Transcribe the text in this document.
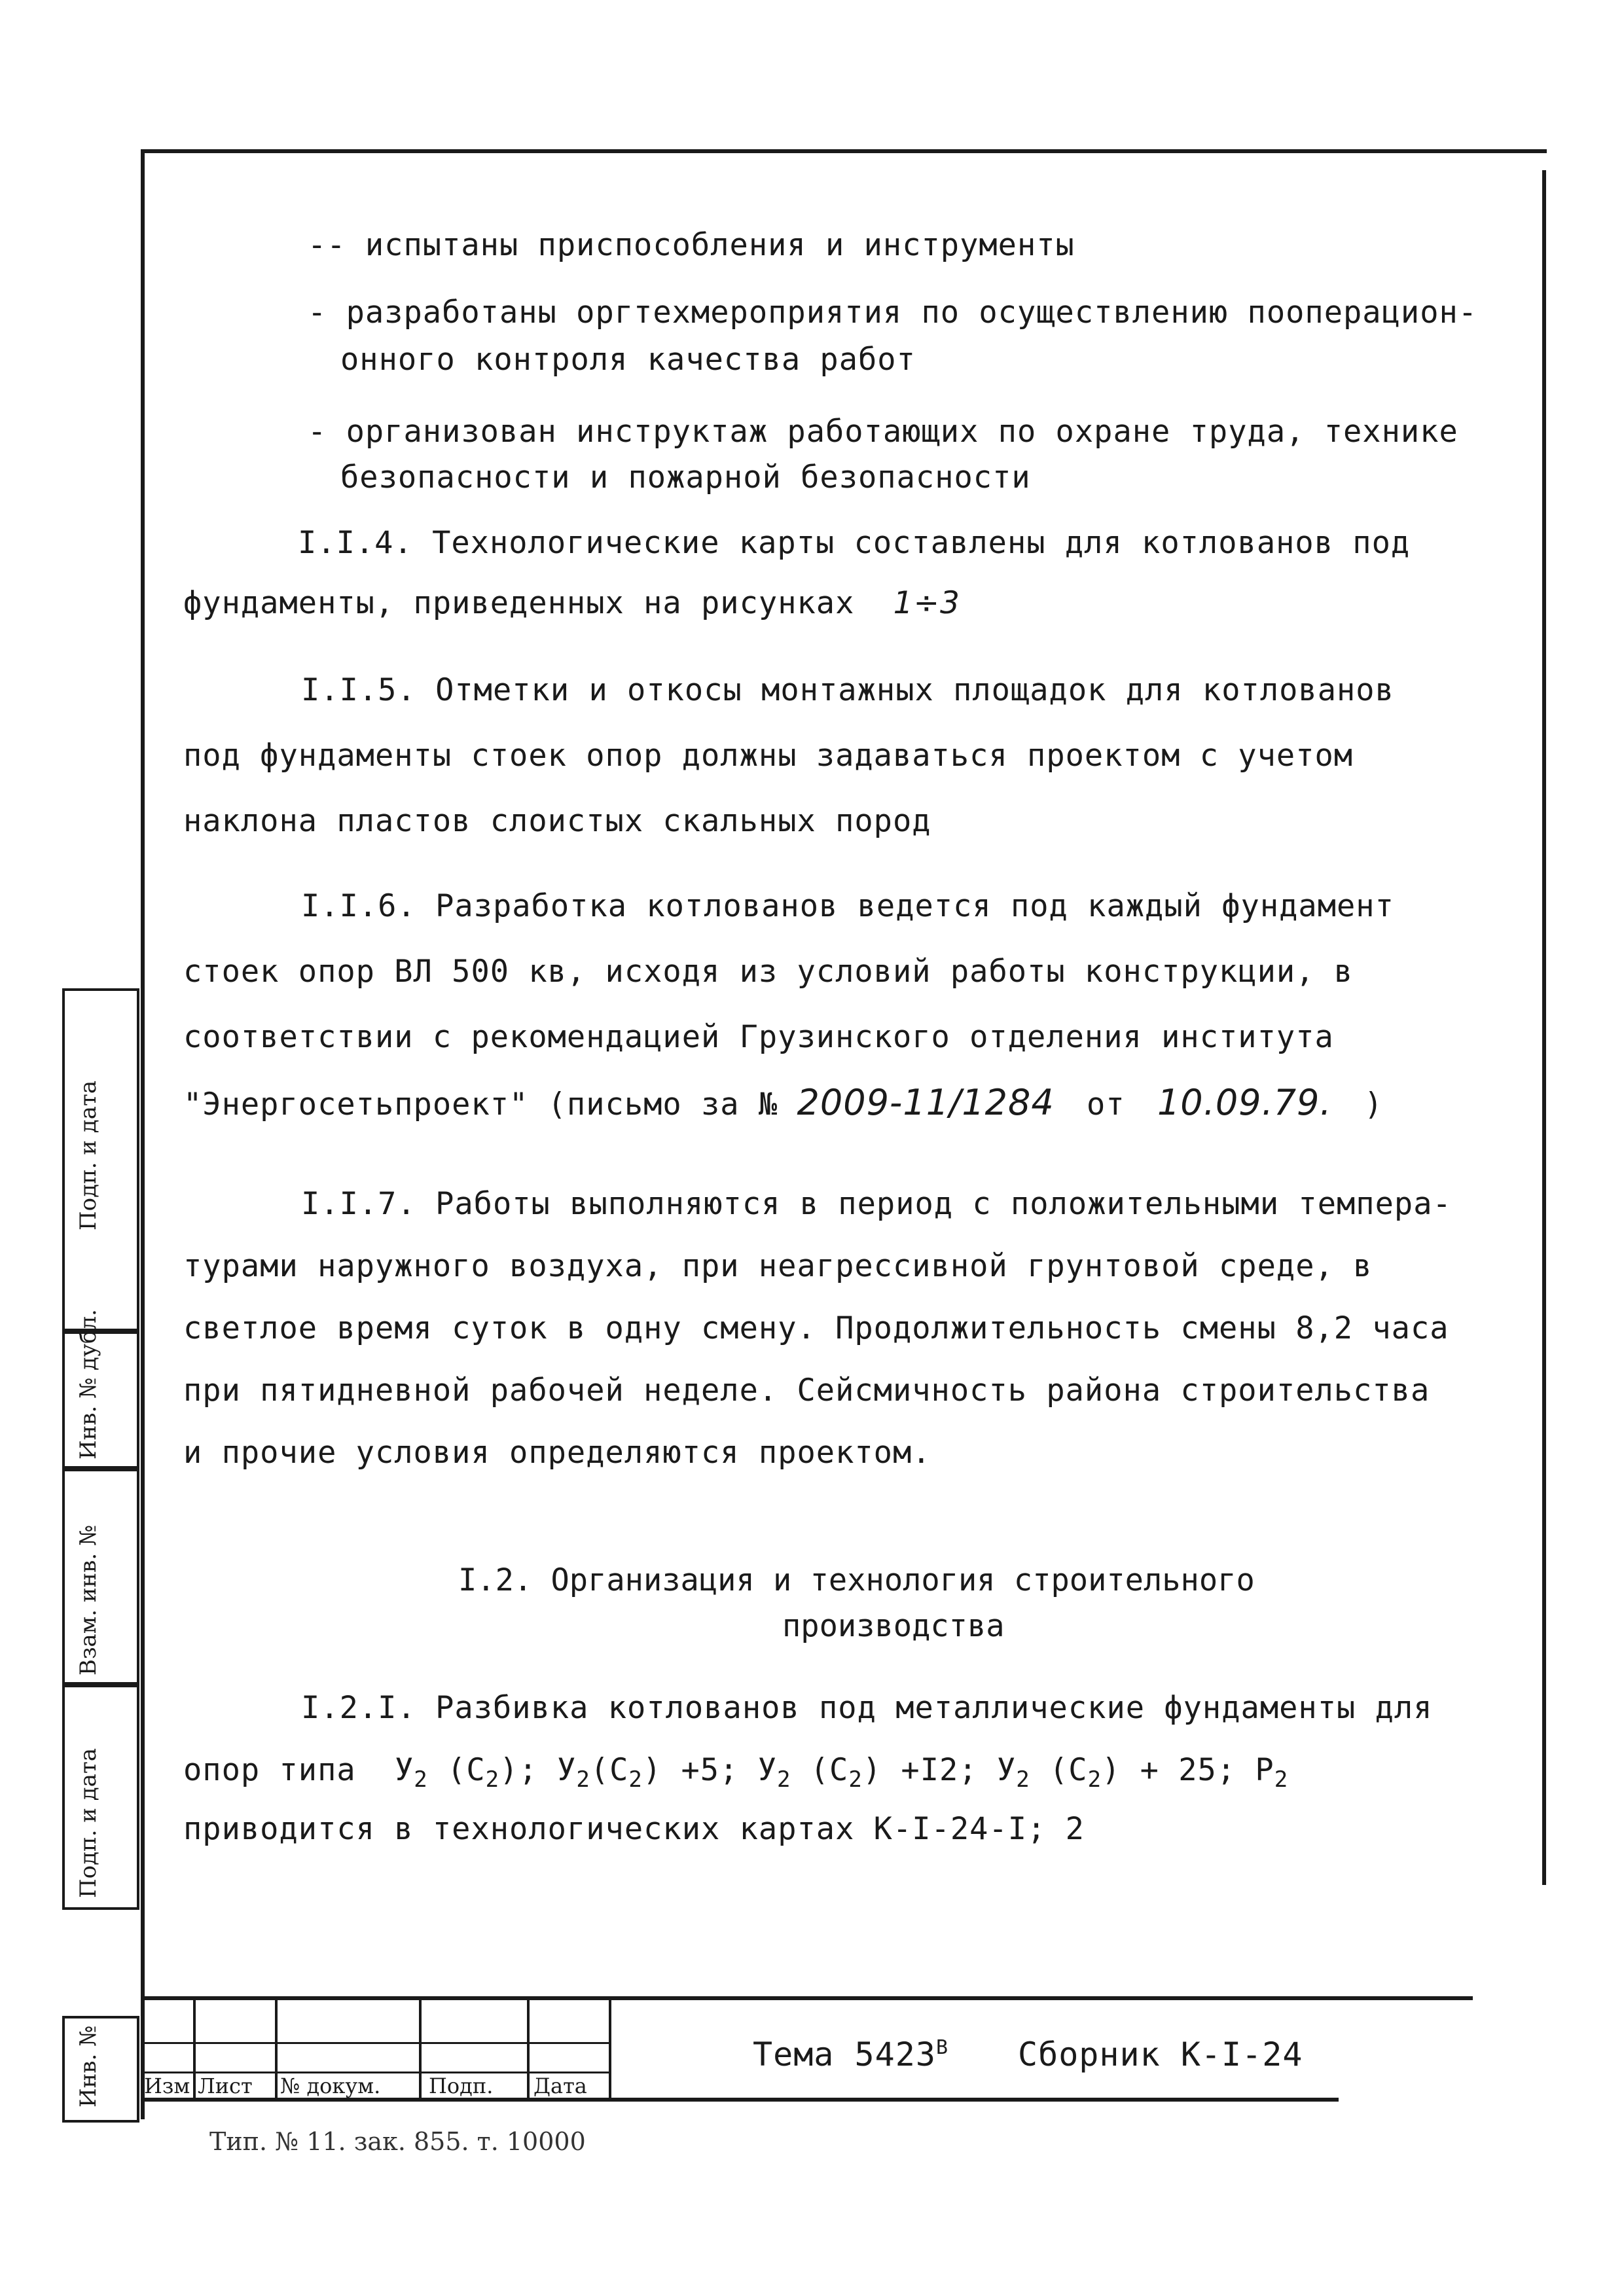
-- испытаны приспособления и инструменты
- разработаны оргтехмероприятия по осуществлению пооперацион-
онного контроля качества работ
- организован инструктаж работающих по охране труда, технике
безопасности и пожарной безопасности
I.I.4. Технологические карты составлены для котлованов под
фундаменты, приведенных на рисунках 1÷3
I.I.5. Отметки и откосы монтажных площадок для котлованов
под фундаменты стоек опор должны задаваться проектом с учетом
наклона пластов слоистых скальных пород
I.I.6. Разработка котлованов ведется под каждый фундамент
стоек опор ВЛ 500 кв, исходя из условий работы конструкции, в
соответствии с рекомендацией Грузинского отделения института
"Энергосетьпроект" (письмо за № 2009-11/1284 от 10.09.79. )
I.I.7. Работы выполняются в период с положительными темпера-
турами наружного воздуха, при неагрессивной грунтовой среде, в
светлое время суток в одну смену. Продолжительность смены 8,2 часа
при пятидневной рабочей неделе. Сейсмичность района строительства
и прочие условия определяются проектом.
I.2. Организация и технология строительного
производства
I.2.I. Разбивка котлованов под металлические фундаменты для
опор типа $У_2$ $(С_2)$; $У_2(С_2) +5$; $У_2$ $(С_2) +I2$; $У_2$ $(С_2) + 25$; $Р_2$
приводится в технологических картах К-I-24-I; 2
Подп. и дата
Инв. № дубл.
Взам. инв. №
Подп. и дата
Инв. № Изм Лист № докум. Подп. Дата
Тема $5423^В$ Сборник К-I-24
Тип. № 11. зак. 855. т. 10000
